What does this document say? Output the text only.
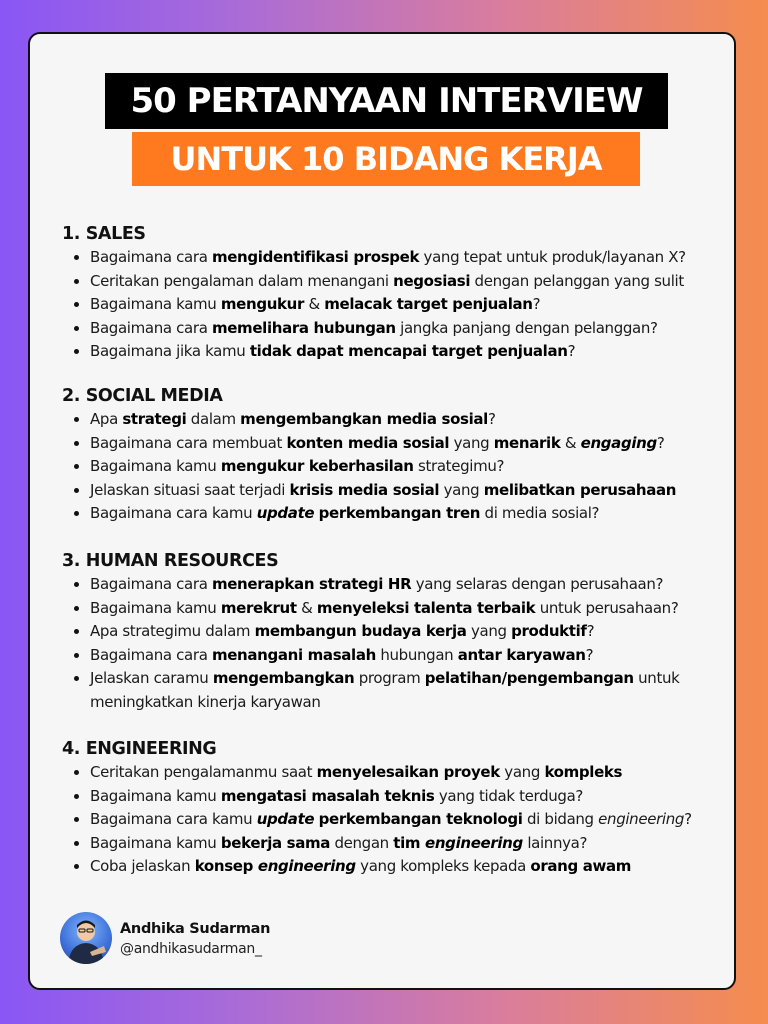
50 PERTANYAAN INTERVIEW
UNTUK 10 BIDANG KERJA
1. SALES
Bagaimana cara mengidentifikasi prospek yang tepat untuk produk/layanan X?
Ceritakan pengalaman dalam menangani negosiasi dengan pelanggan yang sulit
Bagaimana kamu mengukur & melacak target penjualan?
Bagaimana cara memelihara hubungan jangka panjang dengan pelanggan?
Bagaimana jika kamu tidak dapat mencapai target penjualan?
2. SOCIAL MEDIA
Apa strategi dalam mengembangkan media sosial?
Bagaimana cara membuat konten media sosial yang menarik & engaging?
Bagaimana kamu mengukur keberhasilan strategimu?
Jelaskan situasi saat terjadi krisis media sosial yang melibatkan perusahaan
Bagaimana cara kamu update perkembangan tren di media sosial?
3. HUMAN RESOURCES
Bagaimana cara menerapkan strategi HR yang selaras dengan perusahaan?
Bagaimana kamu merekrut & menyeleksi talenta terbaik untuk perusahaan?
Apa strategimu dalam membangun budaya kerja yang produktif?
Bagaimana cara menangani masalah hubungan antar karyawan?
Jelaskan caramu mengembangkan program pelatihan/pengembangan untuk meningkatkan kinerja karyawan
4. ENGINEERING
Ceritakan pengalamanmu saat menyelesaikan proyek yang kompleks
Bagaimana kamu mengatasi masalah teknis yang tidak terduga?
Bagaimana cara kamu update perkembangan teknologi di bidang engineering?
Bagaimana kamu bekerja sama dengan tim engineering lainnya?
Coba jelaskan konsep engineering yang kompleks kepada orang awam
Andhika Sudarman
@andhikasudarman_
